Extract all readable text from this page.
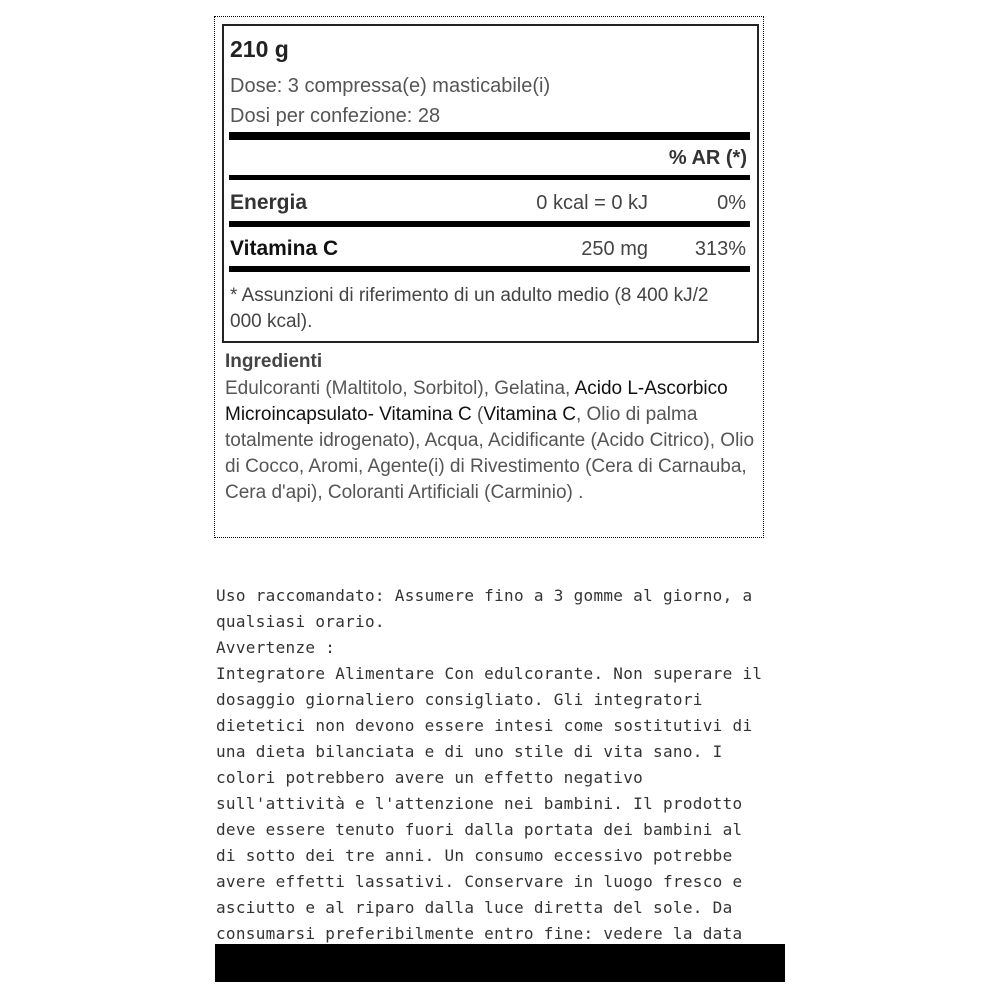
210 g
Dose: 3 compressa(e) masticabile(i)
Dosi per confezione: 28
% AR (*)
Energia	0 kcal = 0 kJ	0%
Vitamina C	250 mg 313%
* Assunzioni di riferimento di un adulto medio (8 400 kJ/2 000 kcal).
Ingredienti
Edulcoranti (Maltitolo, Sorbitol), Gelatina, Acido L-Ascorbico Microincapsulato- Vitamina C (Vitamina C, Olio di palma totalmente idrogenato), Acqua, Acidificante (Acido Citrico), Olio di Cocco, Aromi, Agente(i) di Rivestimento (Cera di Carnauba, Cera d'api), Coloranti Artificiali (Carminio) .

Uso raccomandato: Assumere fino a 3 gomme al giorno, a qualsiasi orario.

Avvertenze :

Integratore Alimentare Con edulcorante. Non superare il dosaggio giornaliero consigliato. Gli integratori dietetici non devono essere intesi come sostitutivi di una dieta bilanciata e di uno stile di vita sano. I colori potrebbero avere un effetto negativo sull'attività e l'attenzione nei bambini. Il prodotto deve essere tenuto fuori dalla portata dei bambini al di sotto dei tre anni. Un consumo eccessivo potrebbe avere effetti lassativi. Conservare in luogo fresco e asciutto e al riparo dalla luce diretta del sole. Da consumarsi preferibilmente entro fine: vedere la data
